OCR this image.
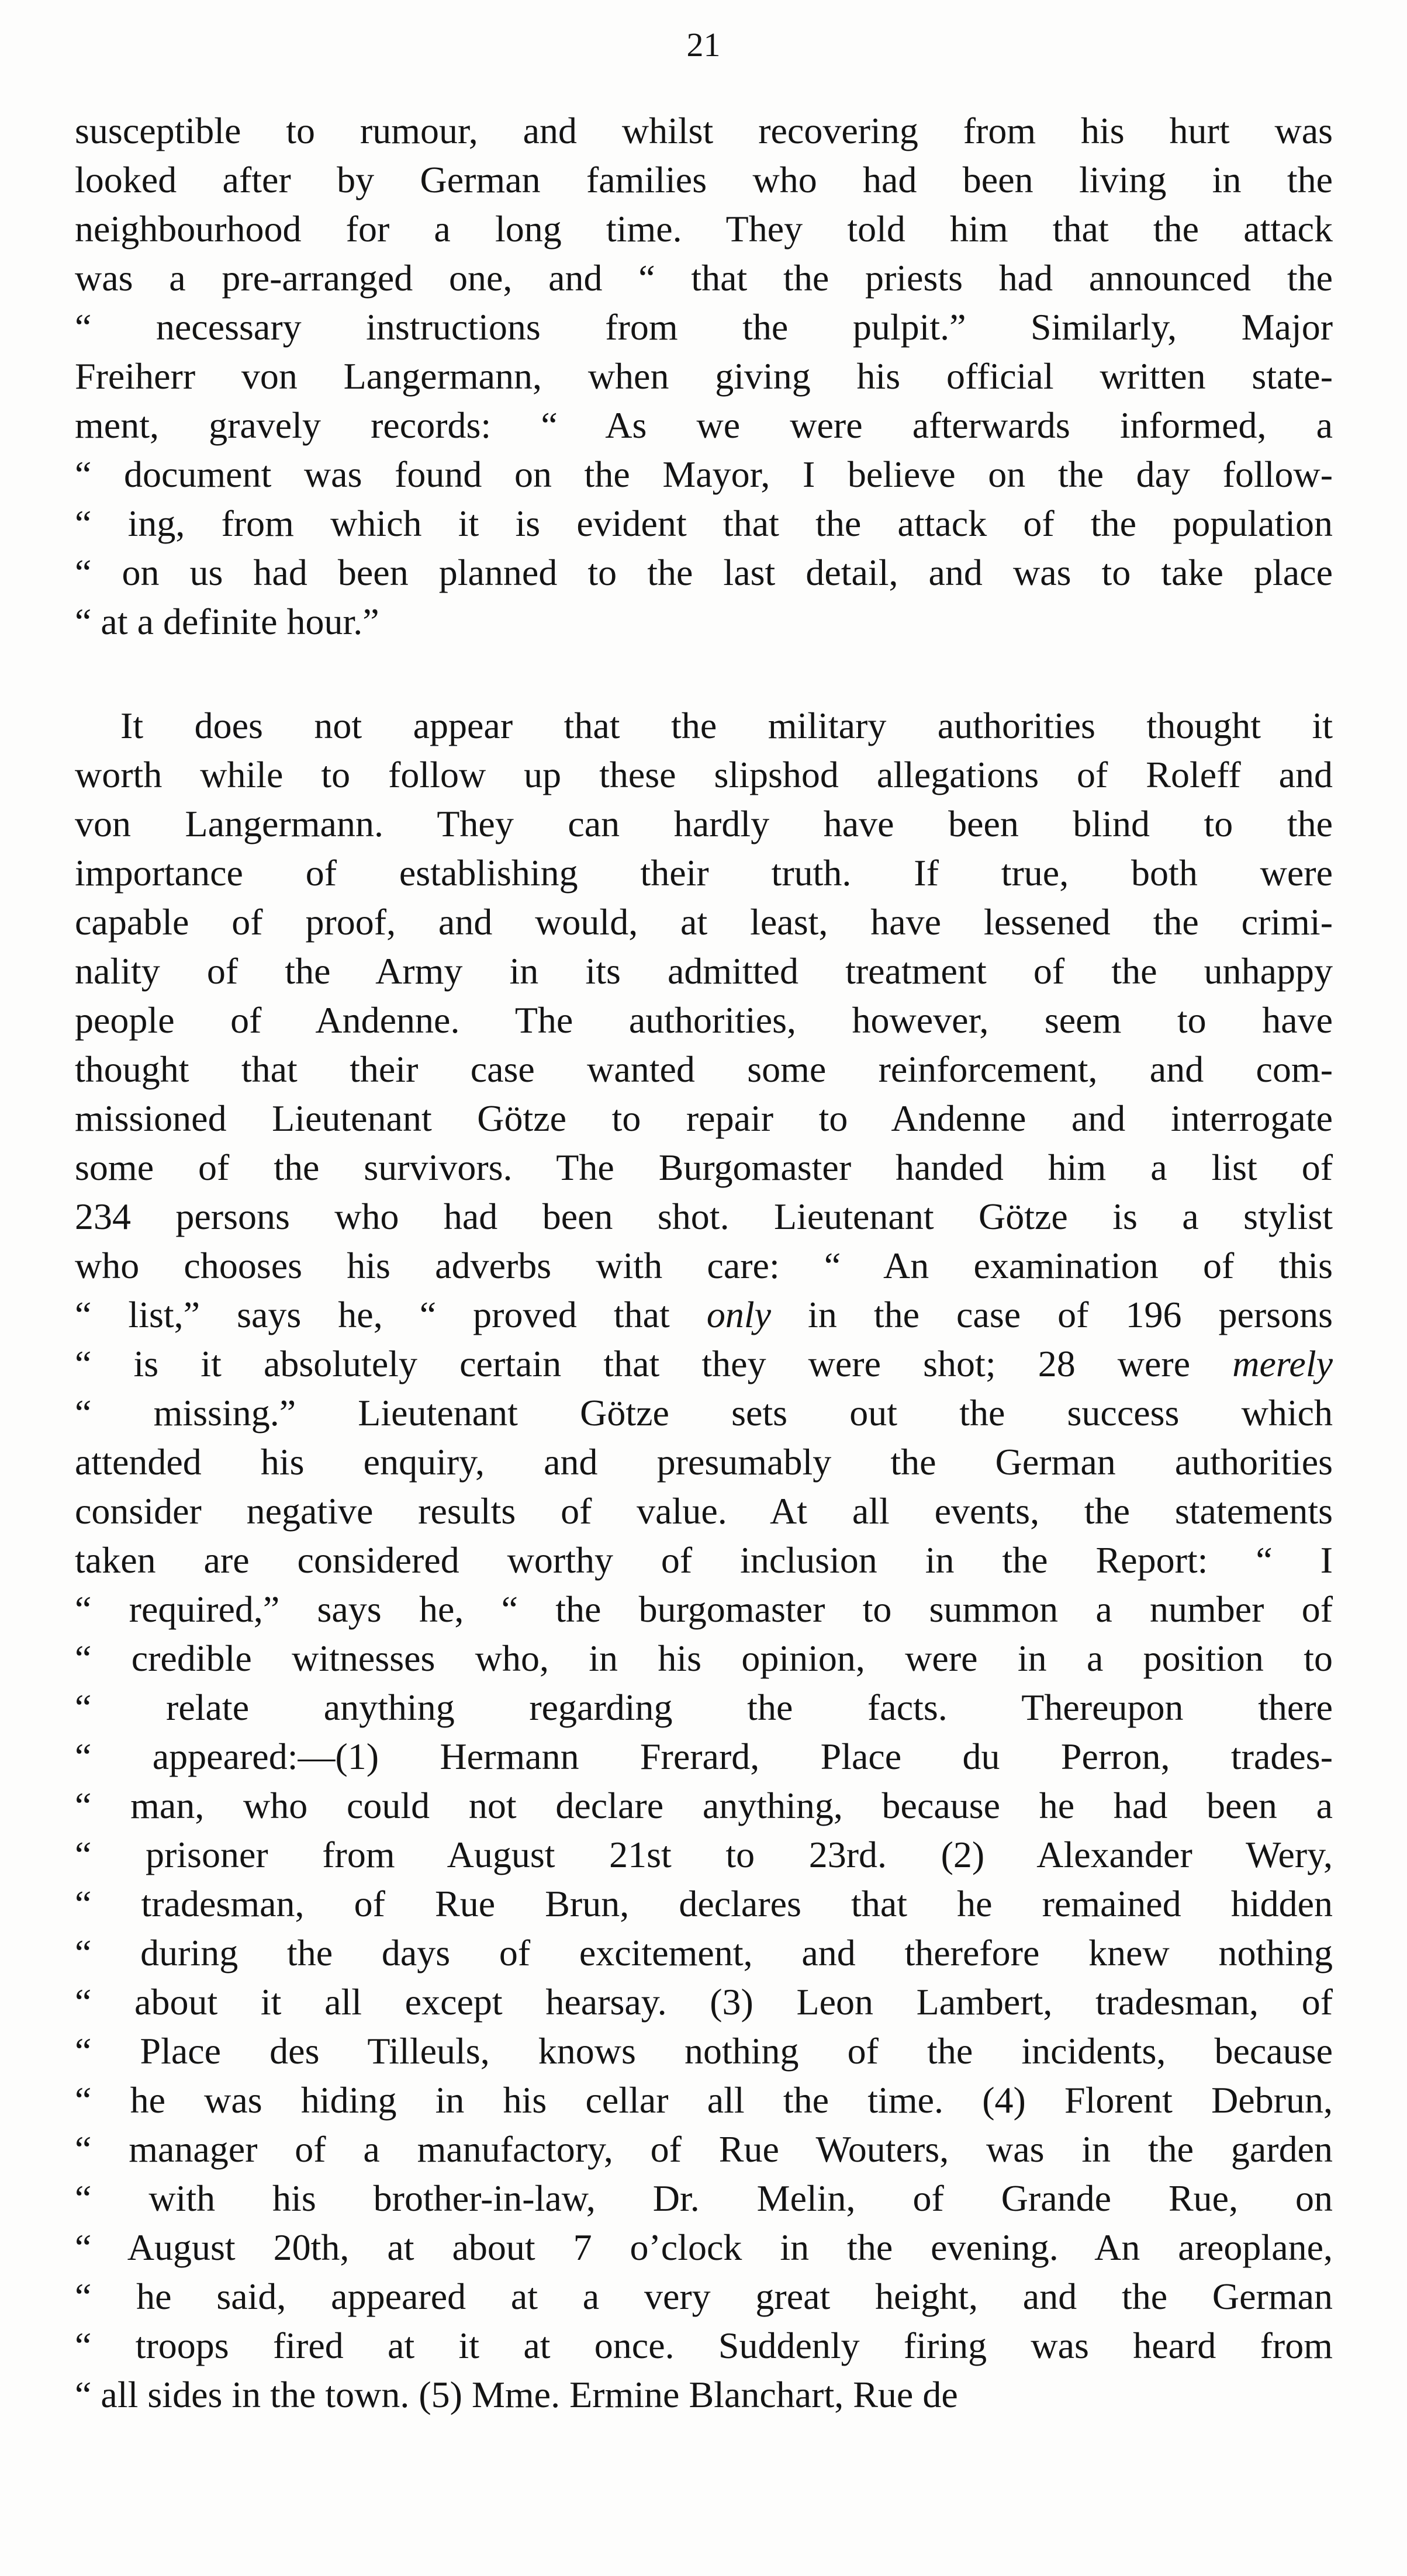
21
susceptible to rumour, and whilst recovering from his hurt was
looked after by German families who had been living in the
neighbourhood for a long time. They told him that the attack
was a pre-arranged one, and “ that the priests had announced the
“ necessary instructions from the pulpit.” Similarly, Major
Freiherr von Langermann, when giving his official written state-
ment, gravely records: “ As we were afterwards informed, a
“ document was found on the Mayor, I believe on the day follow-
“ ing, from which it is evident that the attack of the population
“ on us had been planned to the last detail, and was to take place
“ at a definite hour.”
It does not appear that the military authorities thought it
worth while to follow up these slipshod allegations of Roleff and
von Langermann. They can hardly have been blind to the
importance of establishing their truth. If true, both were
capable of proof, and would, at least, have lessened the crimi-
nality of the Army in its admitted treatment of the unhappy
people of Andenne. The authorities, however, seem to have
thought that their case wanted some reinforcement, and com-
missioned Lieutenant Götze to repair to Andenne and interrogate
some of the survivors. The Burgomaster handed him a list of
234 persons who had been shot. Lieutenant Götze is a stylist
who chooses his adverbs with care: “ An examination of this
“ list,” says he, “ proved that only in the case of 196 persons
“ is it absolutely certain that they were shot; 28 were merely
“ missing.” Lieutenant Götze sets out the success which
attended his enquiry, and presumably the German authorities
consider negative results of value. At all events, the statements
taken are considered worthy of inclusion in the Report: “ I
“ required,” says he, “ the burgomaster to summon a number of
“ credible witnesses who, in his opinion, were in a position to
“ relate anything regarding the facts. Thereupon there
“ appeared:—(1) Hermann Frerard, Place du Perron, trades-
“ man, who could not declare anything, because he had been a
“ prisoner from August 21st to 23rd. (2) Alexander Wery,
“ tradesman, of Rue Brun, declares that he remained hidden
“ during the days of excitement, and therefore knew nothing
“ about it all except hearsay. (3) Leon Lambert, tradesman, of
“ Place des Tilleuls, knows nothing of the incidents, because
“ he was hiding in his cellar all the time. (4) Florent Debrun,
“ manager of a manufactory, of Rue Wouters, was in the garden
“ with his brother-in-law, Dr. Melin, of Grande Rue, on
“ August 20th, at about 7 o’clock in the evening. An areoplane,
“ he said, appeared at a very great height, and the German
“ troops fired at it at once. Suddenly firing was heard from
“ all sides in the town. (5) Mme. Ermine Blanchart, Rue de
